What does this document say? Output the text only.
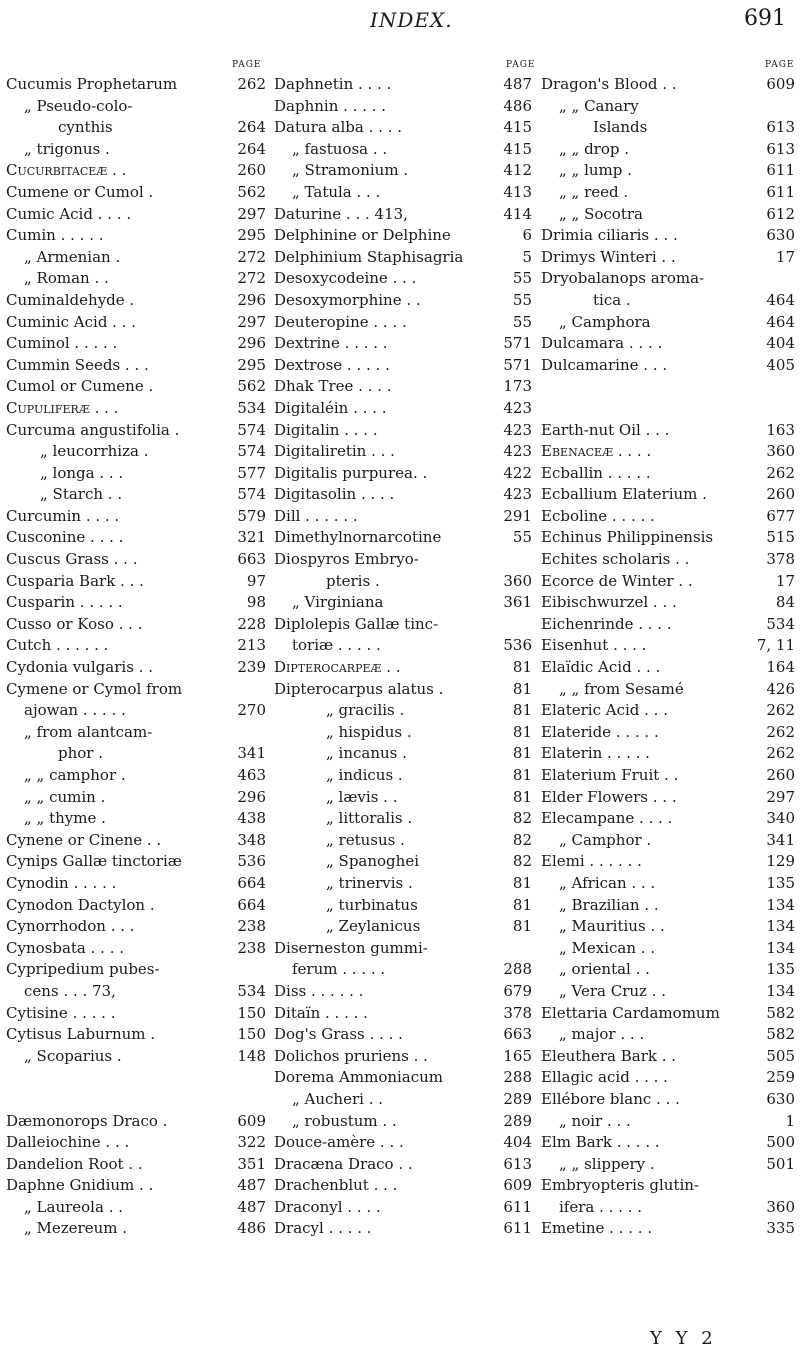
INDEX.	691
PAGE	PAGE	PAGE
Cucumis Prophetarum	262
„ Pseudo-colo-
cynthis	264
„ trigonus .	264
Cucurbitaceæ . .	260
Cumene or Cumol .	562
Cumic Acid . . . .	297
Cumin . . . . .	295
„ Armenian .	272
„ Roman . .	272
Cuminaldehyde .	296
Cuminic Acid . . .	297
Cuminol . . . . .	296
Cummin Seeds . . .	295
Cumol or Cumene .	562
Cupuliferæ . . .	534
Curcuma angustifolia .	574
„ leucorrhiza .	574
„ longa . . .	577
„ Starch . .	574
Curcumin . . . .	579
Cusconine . . . .	321
Cuscus Grass . . .	663
Cusparia Bark . . .	97
Cusparin . . . . .	98
Cusso or Koso . . .	228
Cutch . . . . . .	213
Cydonia vulgaris . .	239
Cymene or Cymol from
ajowan . . . . .	270
„ from alantcam-
phor .	341
„ „ camphor .	463
„ „ cumin .	296
„ „ thyme .	438
Cynene or Cinene . .	348
Cynips Gallæ tinctoriæ	536
Cynodin . . . . .	664
Cynodon Dactylon .	664
Cynorrhodon . . .	238
Cynosbata . . . .	238
Cypripedium pubes-
cens . . . 73,	534
Cytisine . . . . .	150
Cytisus Laburnum .	150
„ Scoparius .	148
Dæmonorops Draco .	609
Dalleiochine . . .	322
Dandelion Root . .	351
Daphne Gnidium . .	487
„ Laureola . .	487
„ Mezereum .	486
Daphnetin . . . .	487
Daphnin . . . . .	486
Datura alba . . . .	415
„ fastuosa . .	415
„ Stramonium .	412
„ Tatula . . .	413
Daturine . . . 413,	414
Delphinine or Delphine	6
Delphinium Staphisagria	5
Desoxycodeine . . .	55
Desoxymorphine . .	55
Deuteropine . . . .	55
Dextrine . . . . .	571
Dextrose . . . . .	571
Dhak Tree . . . .	173
Digitaléin . . . .	423
Digitalin . . . .	423
Digitaliretin . . .	423
Digitalis purpurea. .	422
Digitasolin . . . .	423
Dill . . . . . .	291
Dimethylnornarcotine	55
Diospyros Embryo-
pteris .	360
„ Virginiana	361
Diplolepis Gallæ tinc-
toriæ . . . . .	536
Dipterocarpeæ . .	81
Dipterocarpus alatus .	81
„ gracilis .	81
„ hispidus .	81
„ incanus .	81
„ indicus .	81
„ lævis . .	81
„ littoralis .	82
„ retusus .	82
„ Spanoghei	82
„ trinervis .	81
„ turbinatus	81
„ Zeylanicus	81
Diserneston gummi-
ferum . . . . .	288
Diss . . . . . .	679
Ditaïn . . . . .	378
Dog's Grass . . . .	663
Dolichos pruriens . .	165
Dorema Ammoniacum	288
„ Aucheri . .	289
„ robustum . .	289
Douce-amère . . .	404
Dracæna Draco . .	613
Drachenblut . . .	609
Draconyl . . . .	611
Dracyl . . . . .	611
Dragon's Blood . .	609
„ „ Canary
Islands	613
„ „ drop .	613
„ „ lump .	611
„ „ reed .	611
„ „ Socotra	612
Drimia ciliaris . . .	630
Drimys Winteri . .	17
Dryobalanops aroma-
tica .	464
„ Camphora	464
Dulcamara . . . .	404
Dulcamarine . . .	405
Earth-nut Oil . . .	163
Ebenaceæ . . . .	360
Ecballin . . . . .	262
Ecballium Elaterium .	260
Ecboline . . . . .	677
Echinus Philippinensis	515
Echites scholaris . .	378
Ecorce de Winter . .	17
Eibischwurzel . . .	84
Eichenrinde . . . .	534
Eisenhut . . . .	7, 11
Elaïdic Acid . . .	164
„ „ from Sesamé	426
Elateric Acid . . .	262
Elateride . . . . .	262
Elaterin . . . . .	262
Elaterium Fruit . .	260
Elder Flowers . . .	297
Elecampane . . . .	340
„ Camphor .	341
Elemi . . . . . .	129
„ African . . .	135
„ Brazilian . .	134
„ Mauritius . .	134
„ Mexican . .	134
„ oriental . .	135
„ Vera Cruz . .	134
Elettaria Cardamomum	582
„ major . . .	582
Eleuthera Bark . .	505
Ellagic acid . . . .	259
Ellébore blanc . . .	630
„ noir . . .	1
Elm Bark . . . . .	500
„ „ slippery .	501
Embryopteris glutin-
ifera . . . . .	360
Emetine . . . . .	335
Y Y 2
